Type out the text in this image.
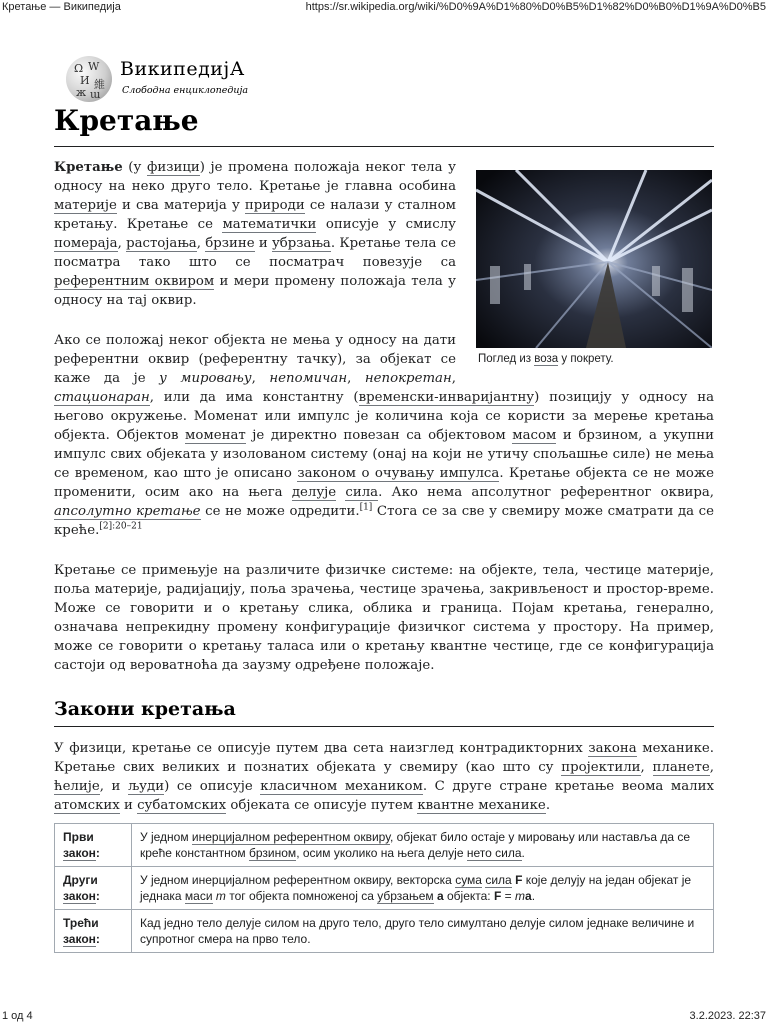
Кретање — Википедија	https://sr.wikipedia.org/wiki/%D0%9A%D1%80%D0%B5%D1%82%D0%B0%D1%9A%D0%B5
Ω W
И 維
ж ա
ВикипедијА
Слободна енциклопедија
Кретање
Поглед из воза у покрету.

Кретање (у физици) је промена положаја неког тела у односу на неко друго тело. Кретање је главна особина материје и сва материја у природи се налази у сталном кретању. Кретање се математички описује у смислу помераја, растојања, брзине и убрзања. Кретање тела се посматра тако што се посматрач повезује са референтним оквиром и мери промену положаја тела у односу на тај оквир.

Ако се положај неког објекта не мења у односу на дати референтни оквир (референтну тачку), за објекат се каже да је у мировању, непомичан, непокретан, стационаран, или да има константну (временски-инваријантну) позицију у односу на његово окружење. Моменат или импулс је количина која се користи за мерење кретања објекта. Објектов моменат је директно повезан са објектовом масом и брзином, а укупни импулс свих објеката у изолованом систему (онај на који не утичу спољашње силе) не мења се временом, као што је описано законом о очувању импулса. Кретање објекта се не може променити, осим ако на њега делује сила. Ако нема апсолутног референтног оквира, апсолутно кретање се не може одредити.[1] Стога се за све у свемиру може сматрати да се креће.$^{[2]:20-21}$

Кретање се примењује на различите физичке системе: на објекте, тела, честице материје, поља материје, радијацију, поља зрачења, честице зрачења, закривљеност и простор-време. Може се говорити и о кретању слика, облика и граница. Појам кретања, генерално, означава непрекидну промену конфигурације физичког система у простору. На пример, може се говорити о кретању таласа или о кретању квантне честице, где се конфигурација састоји од вероватноћа да заузму одређене положаје.

Закони кретања

У физици, кретање се описује путем два сета наизглед контрадикторних закона механике. Кретање свих великих и познатих објеката у свемиру (као што су пројектили, планете, ћелије, и људи) се описује класичном механиком. С друге стране кретање веома малих атомских и субатомских објеката се описује путем квантне механике.

Први
закон:	У једном инерцијалном референтном оквиру, објекат било остаје у мировању или наставља да се креће константном брзином, осим уколико на њега делује нето сила.
Други
закон:	У једном инерцијалном референтном оквиру, векторска сума сила F које делују на један објекат је једнака маси m тог објекта помноженој са убрзањем a објекта: F = ma.
Трећи
закон:	Кад једно тело делује силом на друго тело, друго тело симултано делује силом једнаке величине и супротног смера на прво тело.
1 од 4	3.2.2023. 22:37
